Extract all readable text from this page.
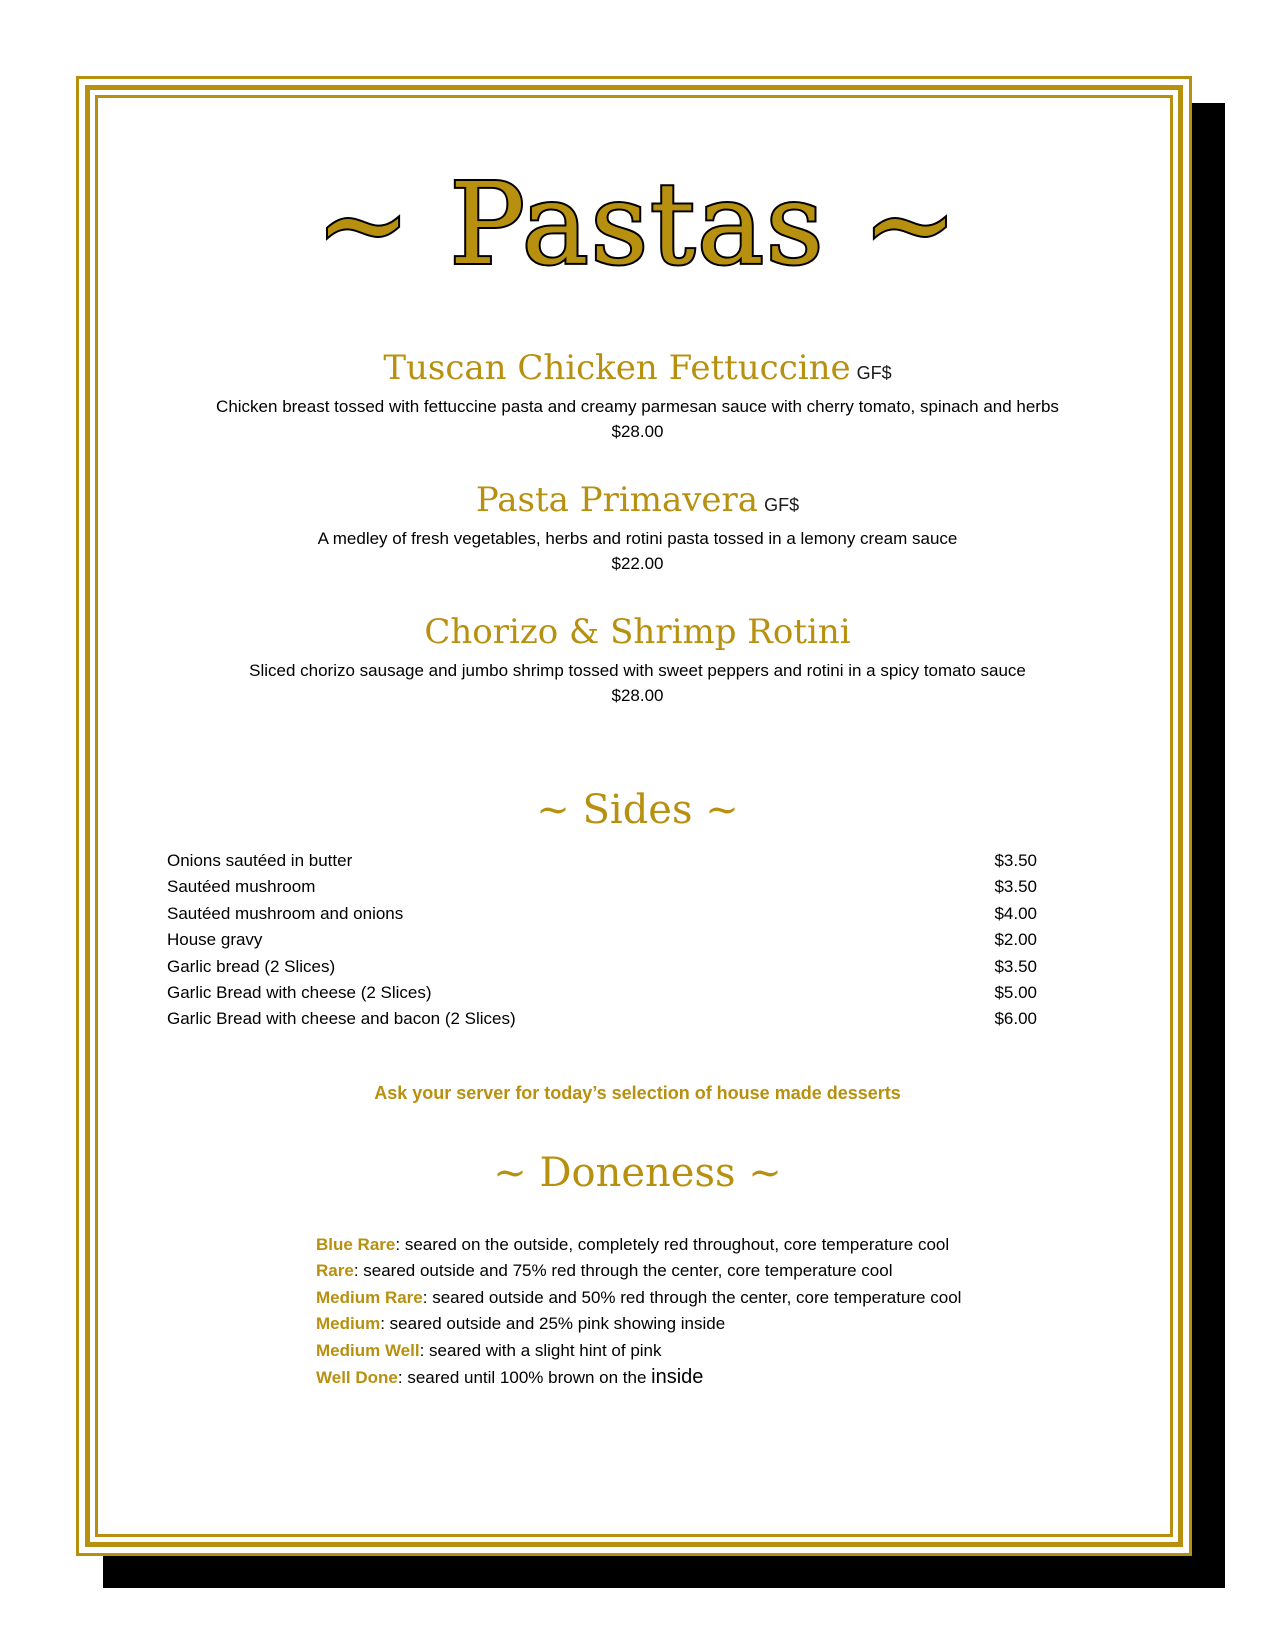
~ Pastas ~
Tuscan Chicken Fettuccine GF$
Chicken breast tossed with fettuccine pasta and creamy parmesan sauce with cherry tomato, spinach and herbs
$28.00
Pasta Primavera GF$
A medley of fresh vegetables, herbs and rotini pasta tossed in a lemony cream sauce
$22.00
Chorizo & Shrimp Rotini
Sliced chorizo sausage and jumbo shrimp tossed with sweet peppers and rotini in a spicy tomato sauce
$28.00
~ Sides ~
Onions sautéed in butter	$3.50
Sautéed mushroom	$3.50
Sautéed mushroom and onions	$4.00
House gravy	$2.00
Garlic bread (2 Slices)	$3.50
Garlic Bread with cheese (2 Slices)	$5.00
Garlic Bread with cheese and bacon (2 Slices)	$6.00
Ask your server for today’s selection of house made desserts
~ Doneness ~
Blue Rare: seared on the outside, completely red throughout, core temperature cool
Rare: seared outside and 75% red through the center, core temperature cool
Medium Rare: seared outside and 50% red through the center, core temperature cool
Medium: seared outside and 25% pink showing inside
Medium Well: seared with a slight hint of pink
Well Done: seared until 100% brown on the inside
